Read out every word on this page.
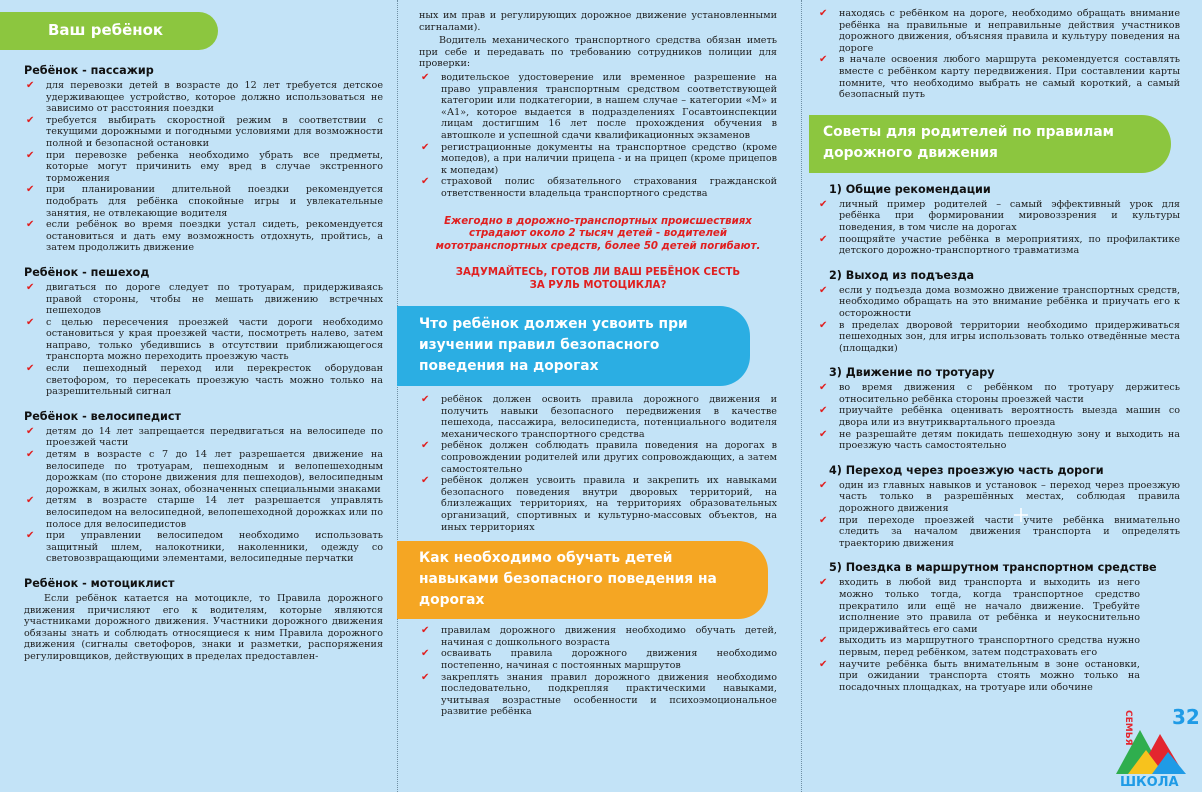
Ваш ребёнок
Ребёнок - пассажир
✔ для перевозки детей в возрасте до 12 лет требуется детское удерживающее устройство, которое должно использоваться не зависимо от расстояния поездки
✔ требуется выбирать скоростной режим в соответствии с текущими дорожными и погодными условиями для возможности полной и безопасной остановки
✔ при перевозке ребенка необходимо убрать все предметы, которые могут причинить ему вред в случае экстренного торможения
✔ при планировании длительной поездки рекомендуется подобрать для ребёнка спокойные игры и увлекательные занятия, не отвлекающие водителя
✔ если ребёнок во время поездки устал сидеть, рекомендуется остановиться и дать ему возможность отдохнуть, пройтись, а затем продолжить движение
Ребёнок - пешеход
✔ двигаться по дороге следует по тротуарам, придерживаясь правой стороны, чтобы не мешать движению встречных пешеходов
✔ с целью пересечения проезжей части дороги необходимо остановиться у края проезжей части, посмотреть налево, затем направо, только убедившись в отсутствии приближающегося транспорта можно переходить проезжую часть
✔ если пешеходный переход или перекресток оборудован светофором, то пересекать проезжую часть можно только на разрешительный сигнал
Ребёнок - велосипедист
✔ детям до 14 лет запрещается передвигаться на велосипеде по проезжей части
✔ детям в возрасте с 7 до 14 лет разрешается движение на велосипеде по тротуарам, пешеходным и велопешеходным дорожкам (по стороне движения для пешеходов), велосипедным дорожкам, в жилых зонах, обозначенных специальными знаками
✔ детям в возрасте старше 14 лет разрешается управлять велосипедом на велосипедной, велопешеходной дорожках или по полосе для велосипедистов
✔ при управлении велосипедом необходимо использовать защитный шлем, налокотники, наколенники, одежду со световозвращающими элементами, велосипедные перчатки
Ребёнок - мотоциклист

Если ребёнок катается на мотоцикле, то Правила дорожного движения причисляют его к водителям, которые являются участниками дорожного движения. Участники дорожного движения обязаны знать и соблюдать относящиеся к ним Правила дорожного движения (сигналы светофоров, знаки и разметки, распоряжения регулировщиков, действующих в пределах предоставлен-

ных им прав и регулирующих дорожное движение установленными сигналами).

Водитель механического транспортного средства обязан иметь при себе и передавать по требованию сотрудников полиции для проверки:

✔ водительское удостоверение или временное разрешение на право управления транспортным средством соответствующей категории или подкатегории, в нашем случае – категории «М» и «А1», которое выдается в подразделениях Госавтоинспекции лицам достигшим 16 лет после прохождения обучения в автошколе и успешной сдачи квалификационных экзаменов
✔ регистрационные документы на транспортное средство (кроме мопедов), а при наличии прицепа - и на прицеп (кроме прицепов к мопедам)
✔ страховой полис обязательного страхования гражданской ответственности владельца транспортного средства
Ежегодно в дорожно-транспортных происшествиях страдают около 2 тысяч детей - водителей мототранспортных средств, более 50 детей погибают.
ЗАДУМАЙТЕСЬ, ГОТОВ ЛИ ВАШ РЕБЁНОК СЕСТЬ ЗА РУЛЬ МОТОЦИКЛА?
Что ребёнок должен усвоить при изучении правил безопасного поведения на дорогах
✔ ребёнок должен освоить правила дорожного движения и получить навыки безопасного передвижения в качестве пешехода, пассажира, велосипедиста, потенциального водителя механического транспортного средства
✔ ребёнок должен соблюдать правила поведения на дорогах в сопровождении родителей или других сопровождающих, а затем самостоятельно
✔ ребёнок должен усвоить правила и закрепить их навыками безопасного поведения внутри дворовых территорий, на близлежащих территориях, на территориях образовательных организаций, спортивных и культурно-массовых объектов, на иных территориях
Как необходимо обучать детей навыками безопасного поведения на дорогах
✔ правилам дорожного движения необходимо обучать детей, начиная с дошкольного возраста
✔ осваивать правила дорожного движения необходимо постепенно, начиная с постоянных маршрутов
✔ закреплять знания правил дорожного движения необходимо последовательно, подкрепляя практическими навыками, учитывая возрастные особенности и психоэмоциональное развитие ребёнка
✔ находясь с ребёнком на дороге, необходимо обращать внимание ребёнка на правильные и неправильные действия участников дорожного движения, объясняя правила и культуру поведения на дороге
✔ в начале освоения любого маршрута рекомендуется составлять вместе с ребёнком карту передвижения. При составлении карты помните, что необходимо выбрать не самый короткий, а самый безопасный путь
Советы для родителей по правилам дорожного движения
1) Общие рекомендации
✔ личный пример родителей – самый эффективный урок для ребёнка при формировании мировоззрения и культуры поведения, в том числе на дорогах
✔ поощряйте участие ребёнка в мероприятиях, по профилактике детского дорожно-транспортного травматизма
2) Выход из подъезда
✔ если у подъезда дома возможно движение транспортных средств, необходимо обращать на это внимание ребёнка и приучать его к осторожности
✔ в пределах дворовой территории необходимо придерживаться пешеходных зон, для игры использовать только отведённые места (площадки)
3) Движение по тротуару
✔ во время движения с ребёнком по тротуару держитесь относительно ребёнка стороны проезжей части
✔ приучайте ребёнка оценивать вероятность выезда машин со двора или из внутриквартального проезда
✔ не разрешайте детям покидать пешеходную зону и выходить на проезжую часть самостоятельно
4) Переход через проезжую часть дороги
✔ один из главных навыков и установок – переход через проезжую часть только в разрешённых местах, соблюдая правила дорожного движения
✔ при переходе проезжей части учите ребёнка внимательно следить за началом движения транспорта и определять траекторию движения
5) Поездка в маршрутном транспортном средстве
✔ входить в любой вид транспорта и выходить из него можно только тогда, когда транспортное средство прекратило или ещё не начало движение. Требуйте исполнение это правила от ребёнка и неукоснительно придерживайтесь его сами
✔ выходить из маршрутного транспортного средства нужно первым, перед ребёнком, затем подстраховать его
✔ научите ребёнка быть внимательным в зоне остановки, при ожидании транспорта стоять можно только на посадочных площадках, на тротуаре или обочине
32
ШКОЛА
СЕМЬЯ
